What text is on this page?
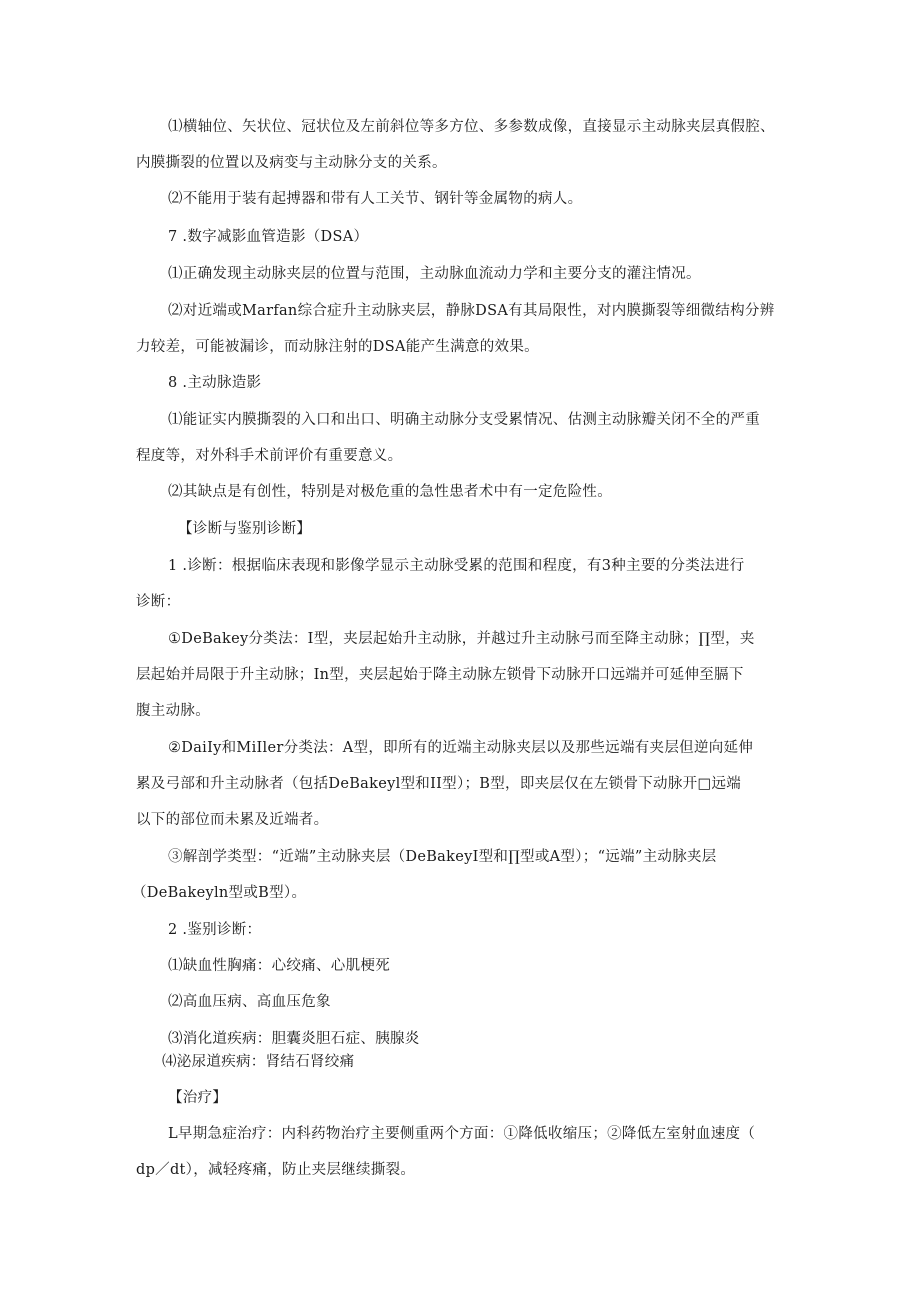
⑴横轴位、矢状位、冠状位及左前斜位等多方位、多参数成像，直接显示主动脉夹层真假腔、
内膜撕裂的位置以及病变与主动脉分支的关系。
⑵不能用于装有起搏器和带有人工关节、钢针等金属物的病人。
7 .数字减影血管造影（DSA）
⑴正确发现主动脉夹层的位置与范围，主动脉血流动力学和主要分支的灌注情况。
⑵对近端或Marfan综合症升主动脉夹层，静脉DSA有其局限性，对内膜撕裂等细微结构分辨
力较差，可能被漏诊，而动脉注射的DSA能产生满意的效果。
8 .主动脉造影
⑴能证实内膜撕裂的入口和出口、明确主动脉分支受累情况、估测主动脉瓣关闭不全的严重
程度等，对外科手术前评价有重要意义。
⑵其缺点是有创性，特别是对极危重的急性患者术中有一定危险性。
【诊断与鉴别诊断】
1 .诊断：根据临床表现和影像学显示主动脉受累的范围和程度，有3种主要的分类法进行
诊断：
①DeBakey分类法：I型，夹层起始升主动脉，并越过升主动脉弓而至降主动脉；∏型，夹
层起始并局限于升主动脉；In型，夹层起始于降主动脉左锁骨下动脉开口远端并可延伸至膈下
腹主动脉。
②DaiIy和MiIler分类法：A型，即所有的近端主动脉夹层以及那些远端有夹层但逆向延伸
累及弓部和升主动脉者（包括DeBakeyl型和II型）；B型，即夹层仅在左锁骨下动脉开□远端
以下的部位而未累及近端者。
③解剖学类型：“近端”主动脉夹层（DeBakeyI型和∏型或A型）；“远端”主动脉夹层
（DeBakeyln型或B型）。
2 .鉴别诊断：
⑴缺血性胸痛：心绞痛、心肌梗死
⑵高血压病、高血压危象
⑶消化道疾病：胆囊炎胆石症、胰腺炎
⑷泌尿道疾病：肾结石肾绞痛
【治疗】
L早期急症治疗：内科药物治疗主要侧重两个方面：①降低收缩压；②降低左室射血速度（
dp／dt），减轻疼痛，防止夹层继续撕裂。
